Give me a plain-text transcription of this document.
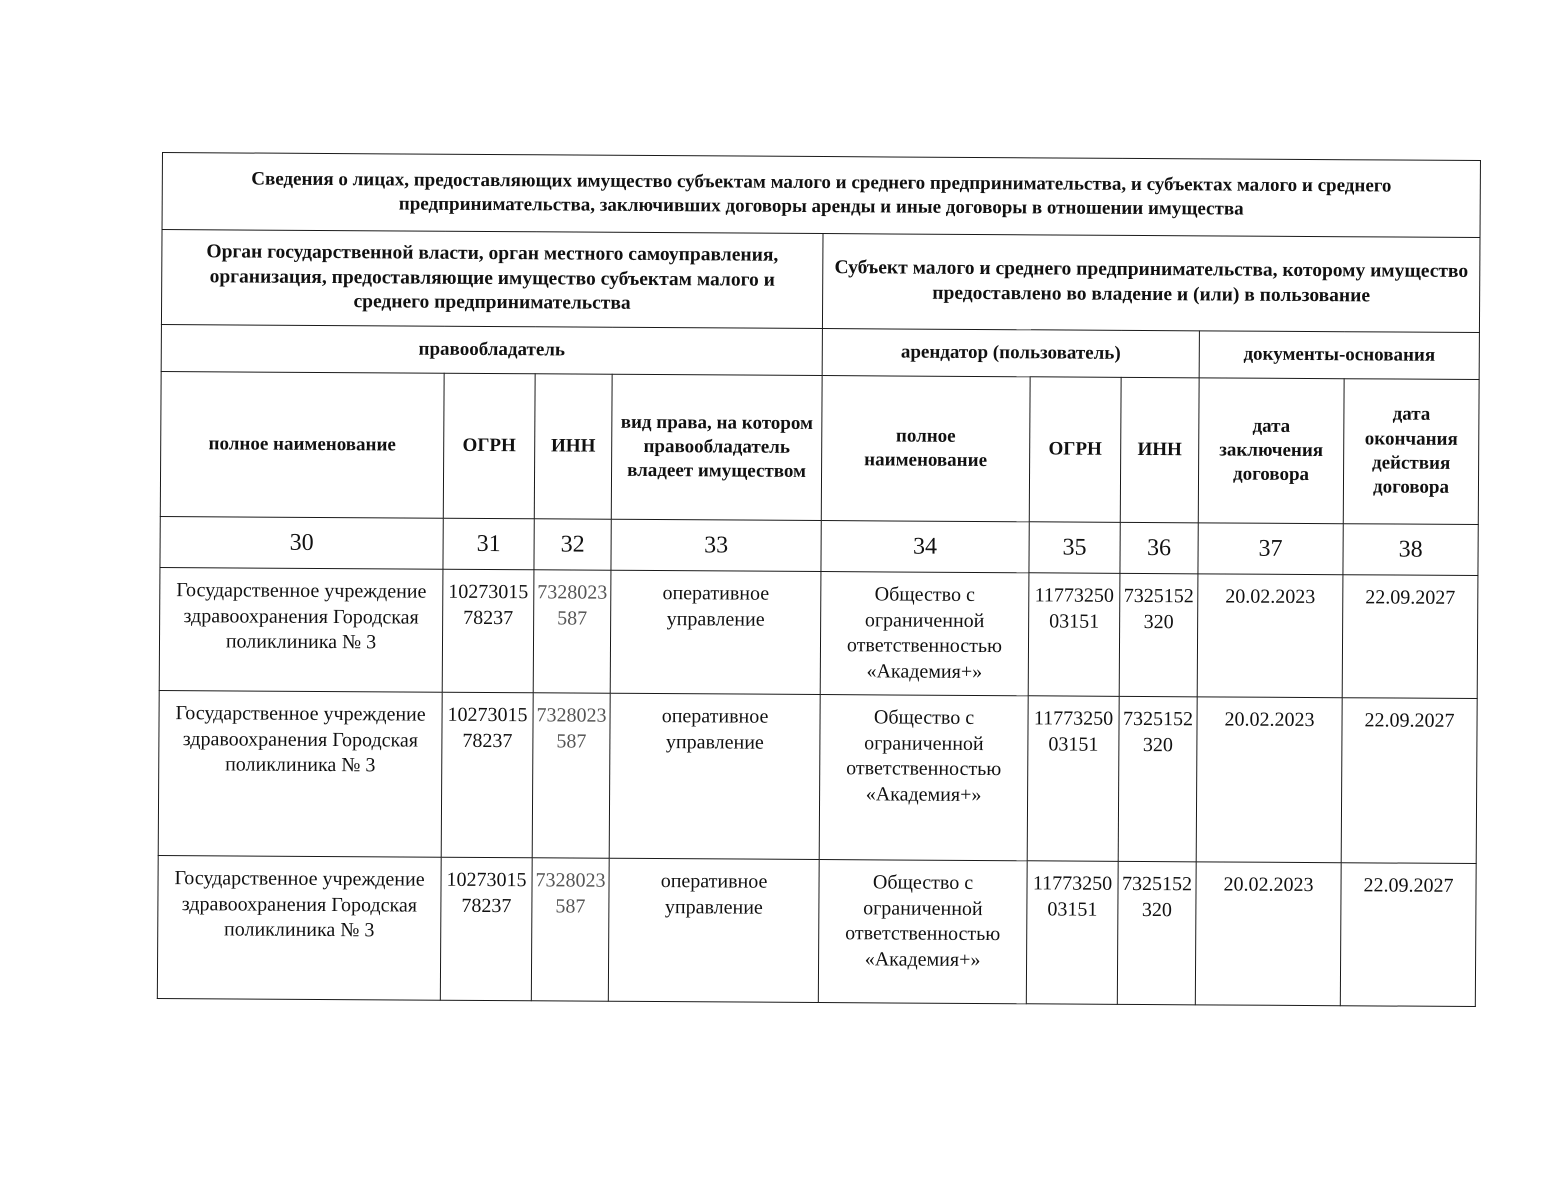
Сведения о лицах, предоставляющих имущество субъектам малого и среднего предпринимательства, и субъектах малого и среднего предпринимательства, заключивших договоры аренды и иные договоры в отношении имущества								
Орган государственной власти, орган местного самоуправления, организация, предоставляющие имущество субъектам малого и среднего предпринимательства				Субъект малого и среднего предпринимательства, которому имущество предоставлено во владение и (или) в пользование				
правообладатель				арендатор (пользователь)			документы-основания	
полное наименование	ОГРН	ИНН	вид права, на котором правообладатель владеет имуществом	полное наименование	ОГРН	ИНН	дата заключения договора	дата окончания действия договора
30	31	32	33	34	35	36	37	38
Государственное учреждение здравоохранения Городская поликлиника № 3	1027301578237	7328023587	оперативное управление	Общество с ограниченной ответственностью «Академия+»	1177325003151	7325152320	20.02.2023	22.09.2027
Государственное учреждение здравоохранения Городская поликлиника № 3	1027301578237	7328023587	оперативное управление	Общество с ограниченной ответственностью «Академия+»	1177325003151	7325152320	20.02.2023	22.09.2027
Государственное учреждение здравоохранения Городская поликлиника № 3	1027301578237	7328023587	оперативное управление	Общество с ограниченной ответственностью «Академия+»	1177325003151	7325152320	20.02.2023	22.09.2027
